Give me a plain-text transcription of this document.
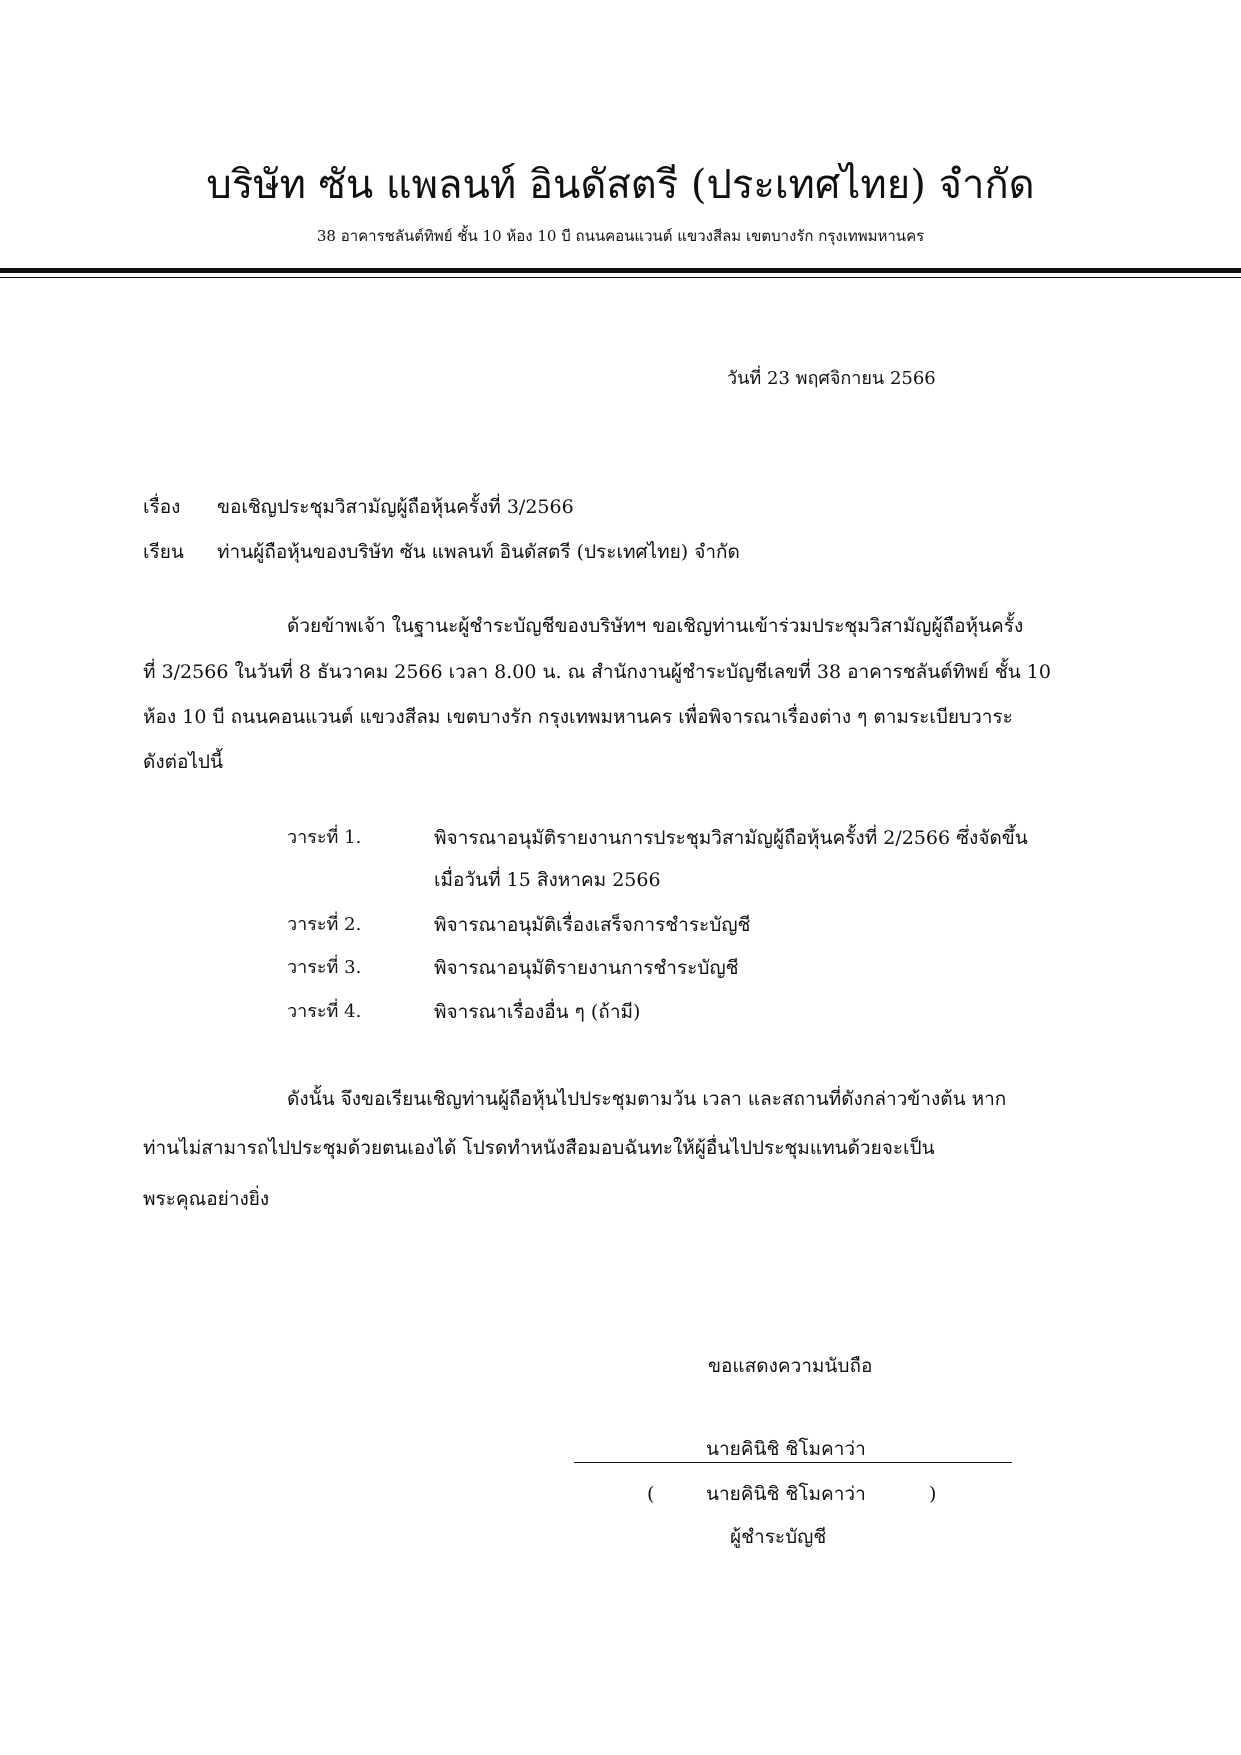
บริษัท ซัน แพลนท์ อินดัสตรี (ประเทศไทย) จำกัด
38 อาคารชลันต์ทิพย์ ชั้น 10 ห้อง 10 บี ถนนคอนแวนต์ แขวงสีลม เขตบางรัก กรุงเทพมหานคร
วันที่ 23 พฤศจิกายน 2566
เรื่อง ขอเชิญประชุมวิสามัญผู้ถือหุ้นครั้งที่ 3/2566
เรียน ท่านผู้ถือหุ้นของบริษัท ซัน แพลนท์ อินดัสตรี (ประเทศไทย) จำกัด
ด้วยข้าพเจ้า ในฐานะผู้ชำระบัญชีของบริษัทฯ ขอเชิญท่านเข้าร่วมประชุมวิสามัญผู้ถือหุ้นครั้ง
ที่ 3/2566 ในวันที่ 8 ธันวาคม 2566 เวลา 8.00 น. ณ สำนักงานผู้ชำระบัญชีเลขที่ 38 อาคารชลันต์ทิพย์ ชั้น 10
ห้อง 10 บี ถนนคอนแวนต์ แขวงสีลม เขตบางรัก กรุงเทพมหานคร เพื่อพิจารณาเรื่องต่าง ๆ ตามระเบียบวาระ
ดังต่อไปนี้
วาระที่ 1.	พิจารณาอนุมัติรายงานการประชุมวิสามัญผู้ถือหุ้นครั้งที่ 2/2566 ซึ่งจัดขึ้น
เมื่อวันที่ 15 สิงหาคม 2566
วาระที่ 2.	พิจารณาอนุมัติเรื่องเสร็จการชำระบัญชี
วาระที่ 3.	พิจารณาอนุมัติรายงานการชำระบัญชี
วาระที่ 4.	พิจารณาเรื่องอื่น ๆ (ถ้ามี)
ดังนั้น จึงขอเรียนเชิญท่านผู้ถือหุ้นไปประชุมตามวัน เวลา และสถานที่ดังกล่าวข้างต้น หาก
ท่านไม่สามารถไปประชุมด้วยตนเองได้ โปรดทำหนังสือมอบฉันทะให้ผู้อื่นไปประชุมแทนด้วยจะเป็น
พระคุณอย่างยิ่ง
ขอแสดงความนับถือ
นายคินิชิ ชิโมคาว่า
(	นายคินิชิ ชิโมคาว่า	)
ผู้ชำระบัญชี
